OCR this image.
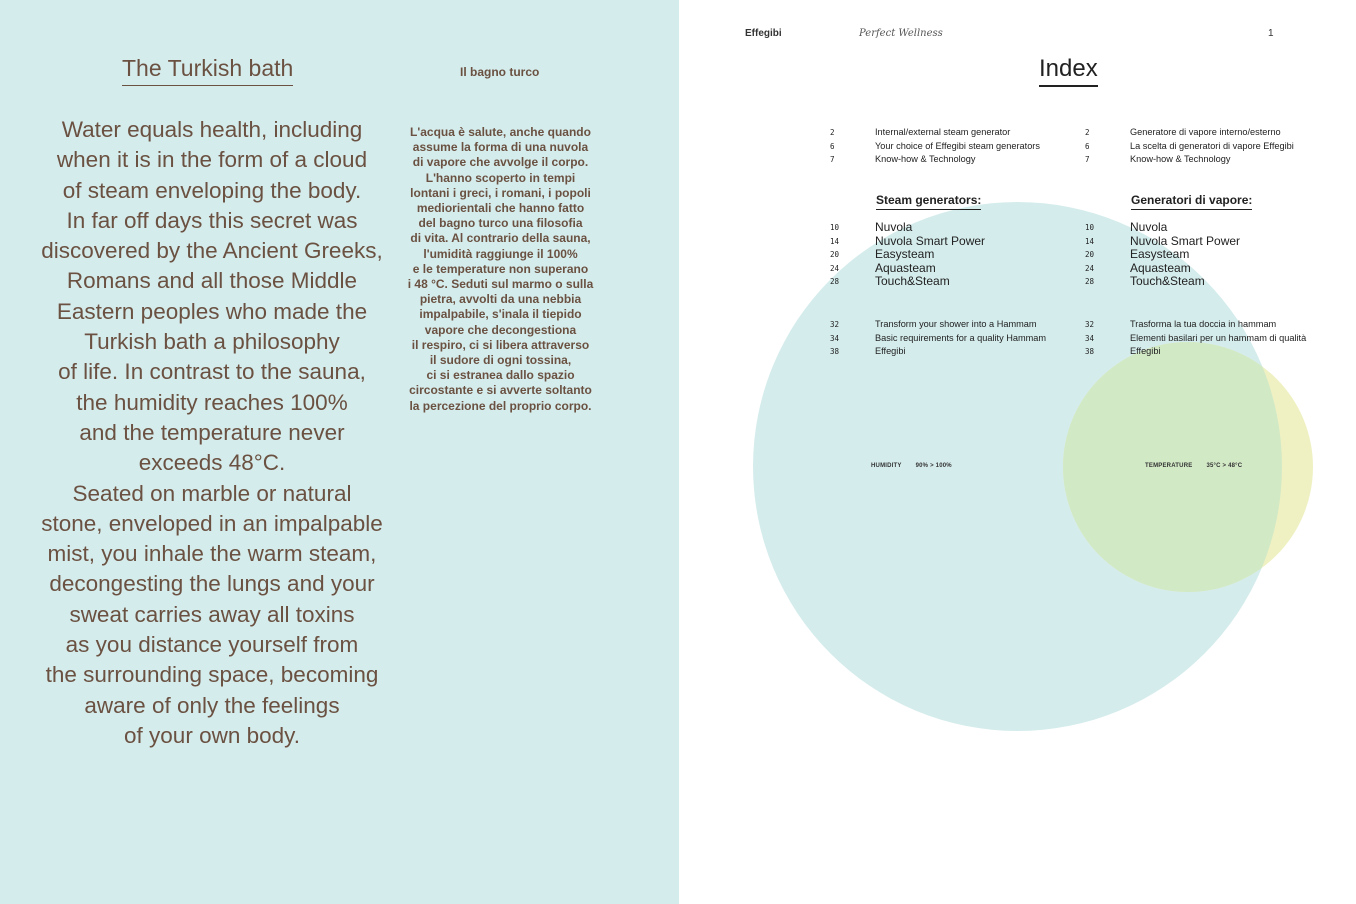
The Turkish bath	Il bagno turco

Water equals health, including
when it is in the form of a cloud
of steam enveloping the body.
In far off days this secret was
discovered by the Ancient Greeks,
Romans and all those Middle
Eastern peoples who made the
Turkish bath a philosophy
of life. In contrast to the sauna,
the humidity reaches 100%
and the temperature never
exceeds 48°C.
Seated on marble or natural
stone, enveloped in an impalpable
mist, you inhale the warm steam,
decongesting the lungs and your
sweat carries away all toxins
as you distance yourself from
the surrounding space, becoming
aware of only the feelings
of your own body.

L'acqua è salute, anche quando
assume la forma di una nuvola
di vapore che avvolge il corpo.
L'hanno scoperto in tempi
lontani i greci, i romani, i popoli
mediorientali che hanno fatto
del bagno turco una filosofia
di vita. Al contrario della sauna,
l'umidità raggiunge il 100%
e le temperature non superano
i 48 °C. Seduti sul marmo o sulla
pietra, avvolti da una nebbia
impalpabile, s'inala il tiepido
vapore che decongestiona
il respiro, ci si libera attraverso
il sudore di ogni tossina,
ci si estranea dallo spazio
circostante e si avverte soltanto
la percezione del proprio corpo.

Effegibi	Perfect Wellness	1
Index
2	Internal/external steam generator
6	Your choice of Effegibi steam generators
7	Know-how & Technology
2	Generatore di vapore interno/esterno
6	La scelta di generatori di vapore Effegibi
7	Know-how & Technology
Steam generators:	Generatori di vapore:
10	Nuvola
14	Nuvola Smart Power
20	Easysteam
24	Aquasteam
28	Touch&Steam
10	Nuvola
14	Nuvola Smart Power
20	Easysteam
24	Aquasteam
28	Touch&Steam
32	Transform your shower into a Hammam
34	Basic requirements for a quality Hammam
38	Effegibi
32	Trasforma la tua doccia in hammam
34	Elementi basilari per un hammam di qualità
38	Effegibi
HUMIDITY 90% > 100%	TEMPERATURE 35°C > 48°C
